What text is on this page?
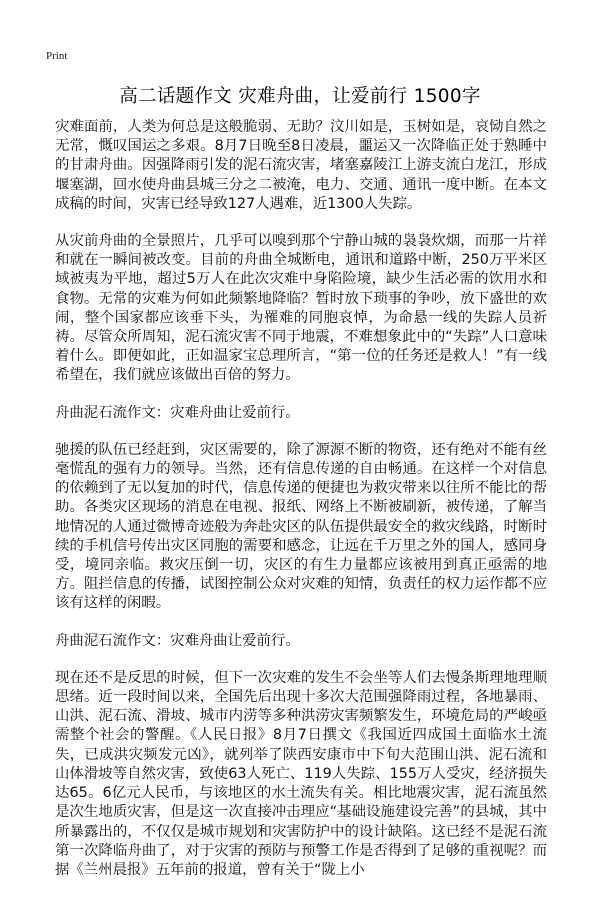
Print
高二话题作文 灾难舟曲，让爱前行 1500字

灾难面前，人类为何总是这般脆弱、无助？汶川如是，玉树如是，哀恸自然之无常，慨叹国运之多艰。8月7日晚至8日凌晨，噩运又一次降临正处于熟睡中的甘肃舟曲。因强降雨引发的泥石流灾害，堵塞嘉陵江上游支流白龙江，形成堰塞湖，回水使舟曲县城三分之二被淹，电力、交通、通讯一度中断。在本文成稿的时间，灾害已经导致127人遇难，近1300人失踪。

从灾前舟曲的全景照片，几乎可以嗅到那个宁静山城的袅袅炊烟，而那一片祥和就在一瞬间被改变。目前的舟曲全城断电，通讯和道路中断，250万平米区域被夷为平地，超过5万人在此次灾难中身陷险境，缺少生活必需的饮用水和食物。无常的灾难为何如此频繁地降临？暂时放下琐事的争吵，放下盛世的欢闹，整个国家都应该垂下头，为罹难的同胞哀悼，为命悬一线的失踪人员祈祷。尽管众所周知，泥石流灾害不同于地震，不难想象此中的“失踪”人口意味着什么。即便如此，正如温家宝总理所言，“第一位的任务还是救人！”有一线希望在，我们就应该做出百倍的努力。

舟曲泥石流作文：灾难舟曲让爱前行。

驰援的队伍已经赶到，灾区需要的，除了源源不断的物资，还有绝对不能有丝毫慌乱的强有力的领导。当然，还有信息传递的自由畅通。在这样一个对信息的依赖到了无以复加的时代，信息传递的便捷也为救灾带来以往所不能比的帮助。各类灾区现场的消息在电视、报纸、网络上不断被刷新，被传递，了解当地情况的人通过微博奇迹般为奔赴灾区的队伍提供最安全的救灾线路，时断时续的手机信号传出灾区同胞的需要和感念，让远在千万里之外的国人，感同身受，境同亲临。救灾压倒一切，灾区的有生力量都应该被用到真正亟需的地方。阻拦信息的传播，试图控制公众对灾难的知情，负责任的权力运作都不应该有这样的闲暇。

舟曲泥石流作文：灾难舟曲让爱前行。

现在还不是反思的时候，但下一次灾难的发生不会坐等人们去慢条斯理地理顺思绪。近一段时间以来，全国先后出现十多次大范围强降雨过程，各地暴雨、山洪、泥石流、滑坡、城市内涝等多种洪涝灾害频繁发生，环境危局的严峻亟需整个社会的警醒。《人民日报》8月7日撰文《我国近四成国土面临水土流失，已成洪灾频发元凶》，就列举了陕西安康市中下旬大范围山洪、泥石流和山体滑坡等自然灾害，致使63人死亡、119人失踪、155万人受灾，经济损失达65。6亿元人民币，与该地区的水土流失有关。相比地震灾害，泥石流虽然是次生地质灾害，但是这一次直接冲击理应“基础设施建设完善”的县城，其中所暴露出的，不仅仅是城市规划和灾害防护中的设计缺陷。这已经不是泥石流第一次降临舟曲了，对于灾害的预防与预警工作是否得到了足够的重视呢？而据《兰州晨报》五年前的报道，曾有关于“陇上小
